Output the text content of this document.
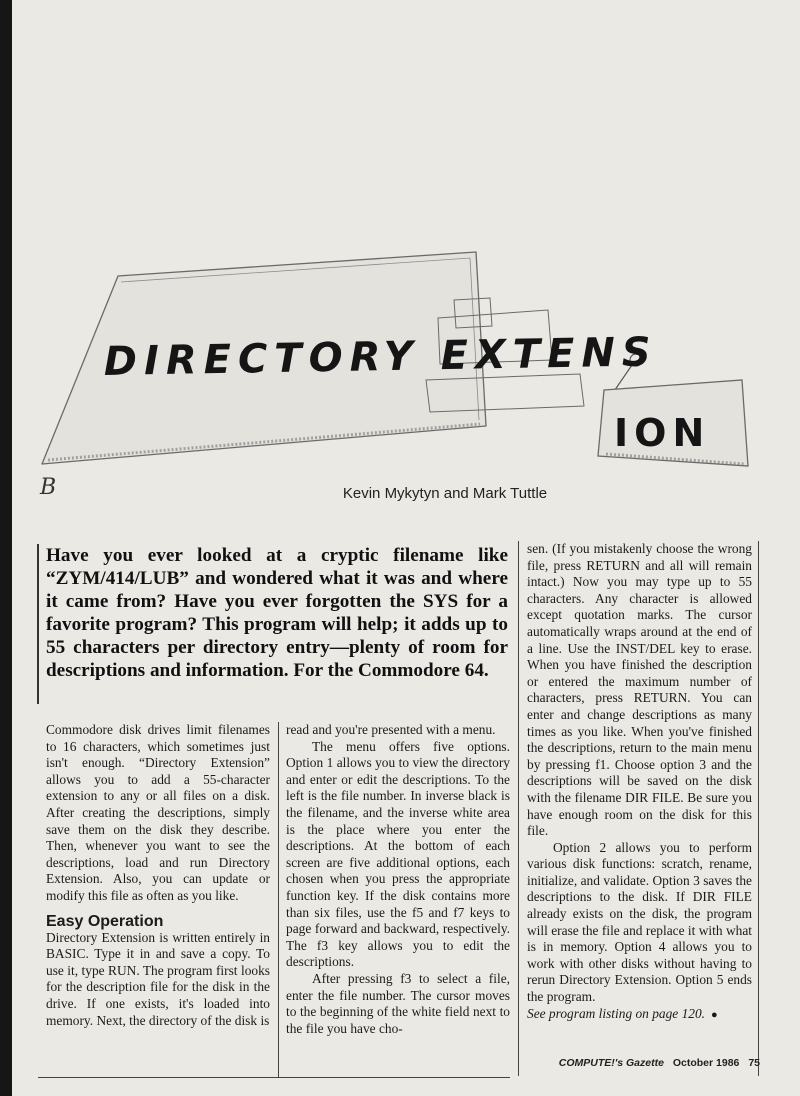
DIRECTORY EXTENS
ION
B	Kevin Mykytyn and Mark Tuttle

Have you ever looked at a cryptic filename like “ZYM/414/LUB” and wondered what it was and where it came from? Have you ever forgotten the SYS for a favorite program? This program will help; it adds up to 55 characters per directory entry—plenty of room for descriptions and information. For the Commodore 64.

Commodore disk drives limit filenames to 16 characters, which sometimes just isn't enough. “Directory Extension” allows you to add a 55-character extension to any or all files on a disk. After creating the descriptions, simply save them on the disk they describe. Then, whenever you want to see the descriptions, load and run Directory Extension. Also, you can update or modify this file as often as you like.

Easy Operation

Directory Extension is written entirely in BASIC. Type it in and save a copy. To use it, type RUN. The program first looks for the description file for the disk in the drive. If one exists, it's loaded into memory. Next, the directory of the disk is

read and you're presented with a menu.

The menu offers five options. Option 1 allows you to view the directory and enter or edit the descriptions. To the left is the file number. In inverse black is the filename, and the inverse white area is the place where you enter the descriptions. At the bottom of each screen are five additional options, each chosen when you press the appropriate function key. If the disk contains more than six files, use the f5 and f7 keys to page forward and backward, respectively. The f3 key allows you to edit the descriptions.

After pressing f3 to select a file, enter the file number. The cursor moves to the beginning of the white field next to the file you have cho-

sen. (If you mistakenly choose the wrong file, press RETURN and all will remain intact.) Now you may type up to 55 characters. Any character is allowed except quotation marks. The cursor automatically wraps around at the end of a line. Use the INST/DEL key to erase. When you have finished the description or entered the maximum number of characters, press RETURN. You can enter and change descriptions as many times as you like. When you've finished the descriptions, return to the main menu by pressing f1. Choose option 3 and the descriptions will be saved on the disk with the filename DIR FILE. Be sure you have enough room on the disk for this file.

Option 2 allows you to perform various disk functions: scratch, rename, initialize, and validate. Option 3 saves the descriptions to the disk. If DIR FILE already exists on the disk, the program will erase the file and replace it with what is in memory. Option 4 allows you to work with other disks without having to rerun Directory Extension. Option 5 ends the program.

See program listing on page 120. ●

COMPUTE!'s Gazette October 1986 75
